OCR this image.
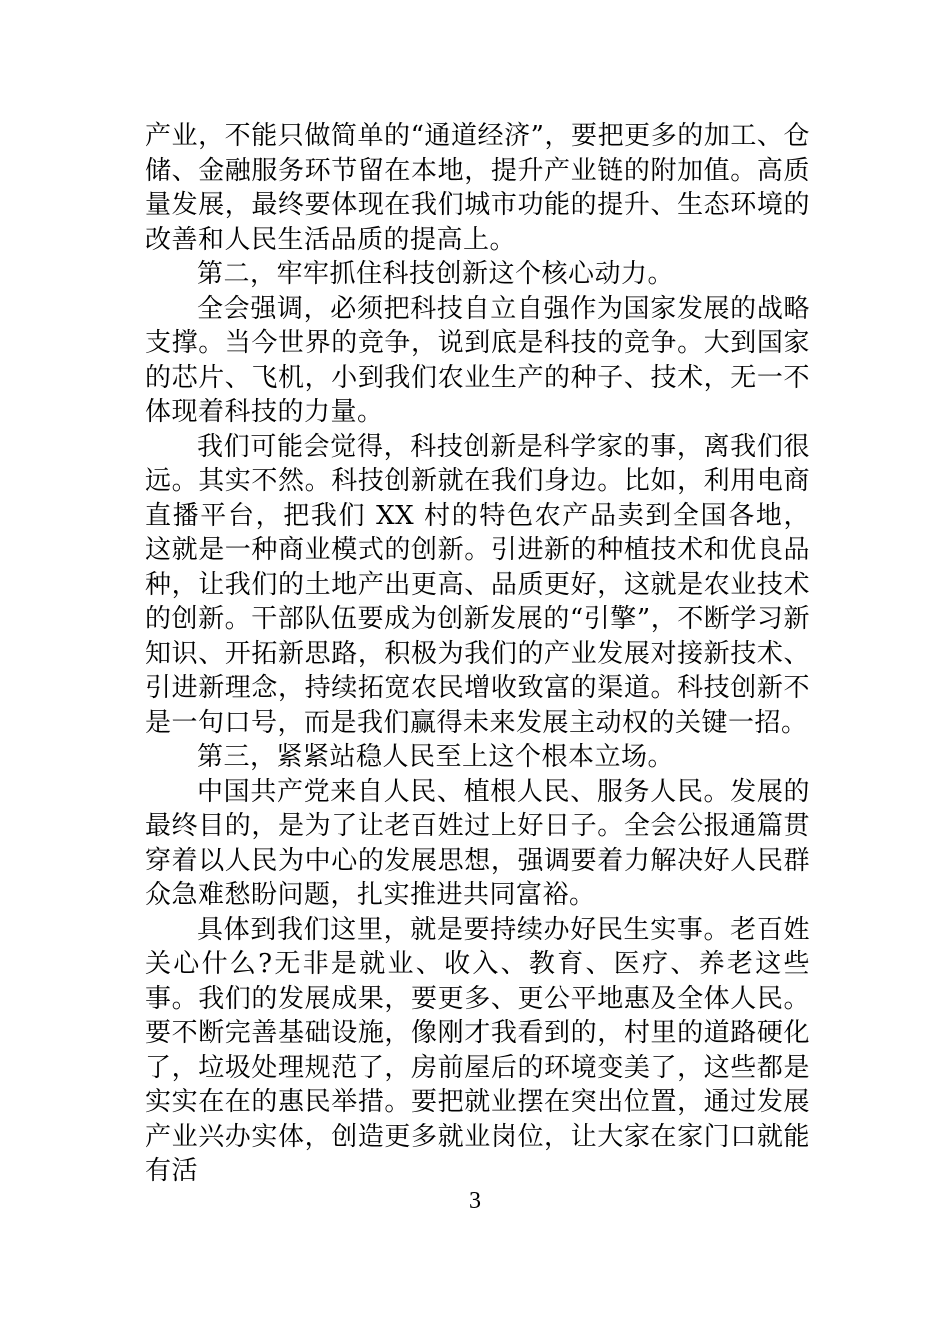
产业，不能只做简单的“通道经济”，要把更多的加工、仓储、金融服务环节留在本地，提升产业链的附加值。高质量发展，最终要体现在我们城市功能的提升、生态环境的改善和人民生活品质的提高上。

第二，牢牢抓住科技创新这个核心动力。

全会强调，必须把科技自立自强作为国家发展的战略支撑。当今世界的竞争，说到底是科技的竞争。大到国家的芯片、飞机，小到我们农业生产的种子、技术，无一不体现着科技的力量。

我们可能会觉得，科技创新是科学家的事，离我们很远。其实不然。科技创新就在我们身边。比如，利用电商直播平台，把我们 XX 村的特色农产品卖到全国各地，这就是一种商业模式的创新。引进新的种植技术和优良品种，让我们的土地产出更高、品质更好，这就是农业技术的创新。干部队伍要成为创新发展的“引擎”，不断学习新知识、开拓新思路，积极为我们的产业发展对接新技术、引进新理念，持续拓宽农民增收致富的渠道。科技创新不是一句口号，而是我们赢得未来发展主动权的关键一招。

第三，紧紧站稳人民至上这个根本立场。

中国共产党来自人民、植根人民、服务人民。发展的最终目的，是为了让老百姓过上好日子。全会公报通篇贯穿着以人民为中心的发展思想，强调要着力解决好人民群众急难愁盼问题，扎实推进共同富裕。

具体到我们这里，就是要持续办好民生实事。老百姓关心什么?无非是就业、收入、教育、医疗、养老这些事。我们的发展成果，要更多、更公平地惠及全体人民。要不断完善基础设施，像刚才我看到的，村里的道路硬化了，垃圾处理规范了，房前屋后的环境变美了，这些都是实实在在的惠民举措。要把就业摆在突出位置，通过发展产业兴办实体，创造更多就业岗位，让大家在家门口就能有活

3
